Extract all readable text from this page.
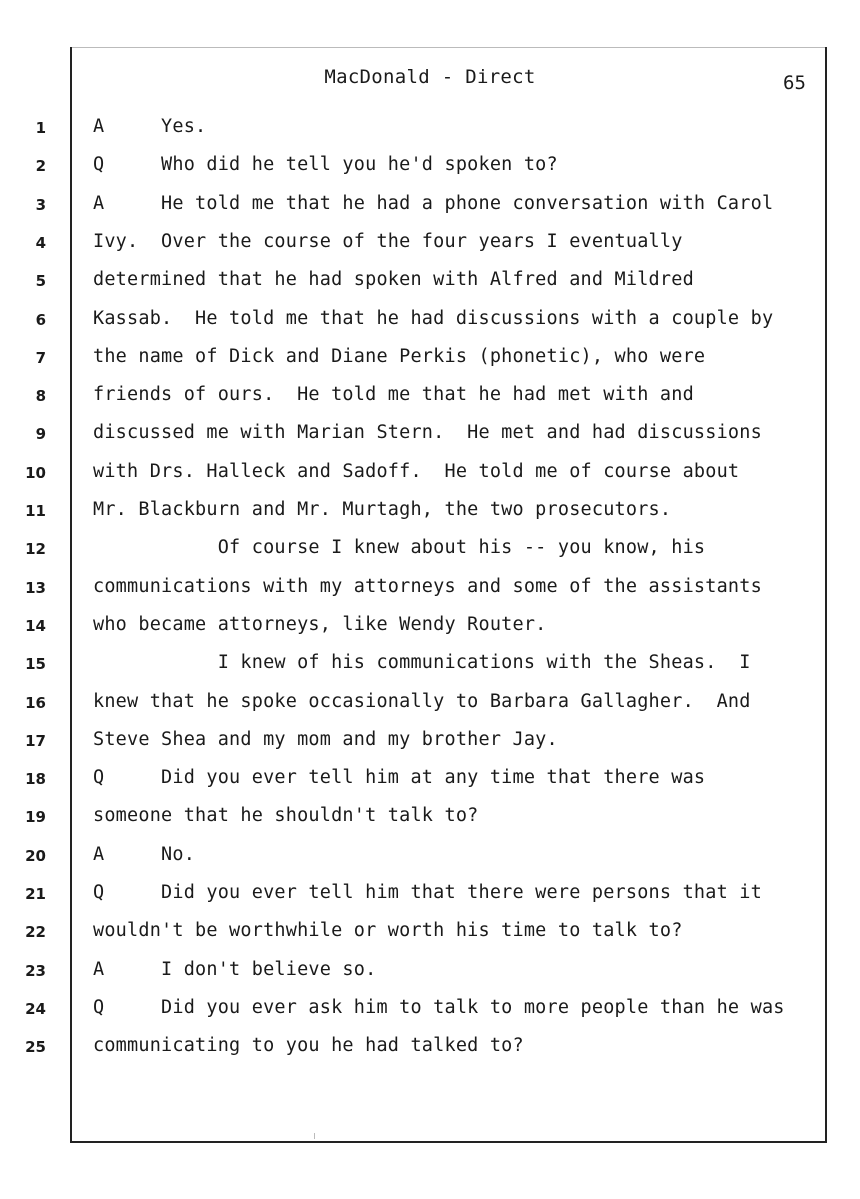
MacDonald - Direct	65
1	A     Yes.
2	Q     Who did he tell you he'd spoken to?
3	A     He told me that he had a phone conversation with Carol
4	Ivy.  Over the course of the four years I eventually
5	determined that he had spoken with Alfred and Mildred
6	Kassab.  He told me that he had discussions with a couple by
7	the name of Dick and Diane Perkis (phonetic), who were
8	friends of ours.  He told me that he had met with and
9	discussed me with Marian Stern.  He met and had discussions
10	with Drs. Halleck and Sadoff.  He told me of course about
11	Mr. Blackburn and Mr. Murtagh, the two prosecutors.
12	Of course I knew about his -- you know, his
13	communications with my attorneys and some of the assistants
14	who became attorneys, like Wendy Router.
15	I knew of his communications with the Sheas.  I
16	knew that he spoke occasionally to Barbara Gallagher.  And
17	Steve Shea and my mom and my brother Jay.
18	Q     Did you ever tell him at any time that there was
19	someone that he shouldn't talk to?
20	A     No.
21	Q     Did you ever tell him that there were persons that it
22	wouldn't be worthwhile or worth his time to talk to?
23	A     I don't believe so.
24	Q     Did you ever ask him to talk to more people than he was
25	communicating to you he had talked to?
